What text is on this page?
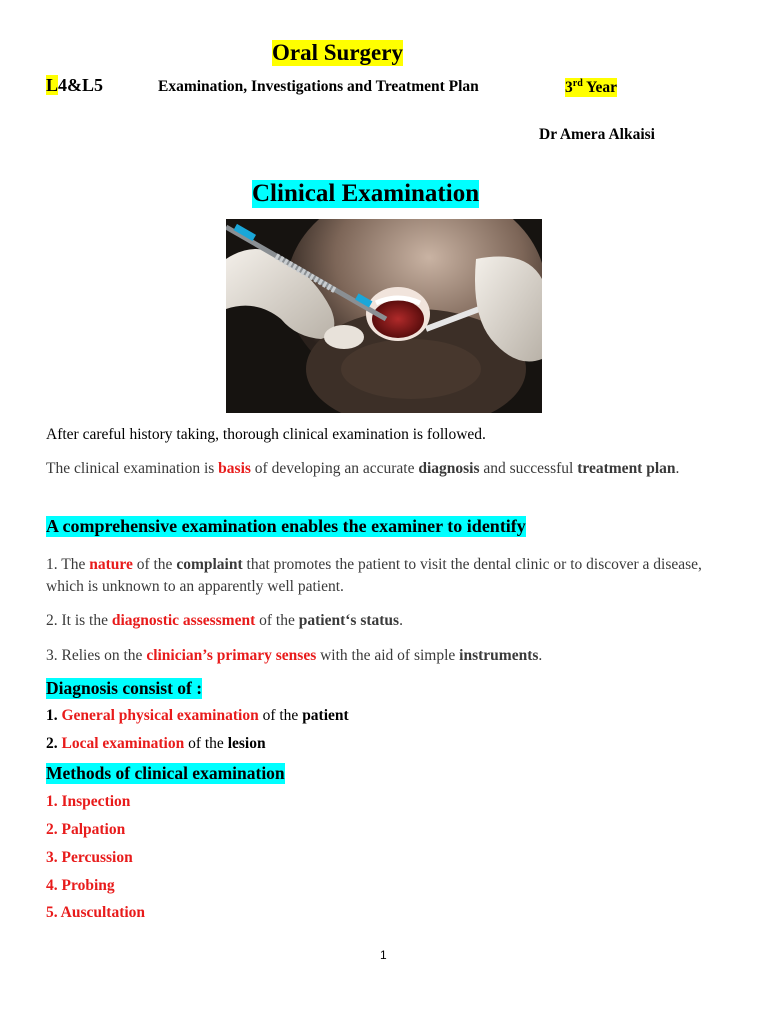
Oral Surgery
L4&L5	Examination, Investigations and Treatment Plan	3rd Year
Dr Amera Alkaisi
Clinical Examination
After careful history taking, thorough clinical examination is followed.
The clinical examination is basis of developing an accurate diagnosis and successful treatment plan.
A comprehensive examination enables the examiner to identify
1. The nature of the complaint that promotes the patient to visit the dental clinic or to discover a disease, which is unknown to an apparently well patient.
2. It is the diagnostic assessment of the patient‘s status.
3. Relies on the clinician’s primary senses with the aid of simple instruments.
Diagnosis consist of :
1. General physical examination of the patient
2. Local examination of the lesion
Methods of clinical examination
1. Inspection
2. Palpation
3. Percussion
4. Probing
5. Auscultation
1
